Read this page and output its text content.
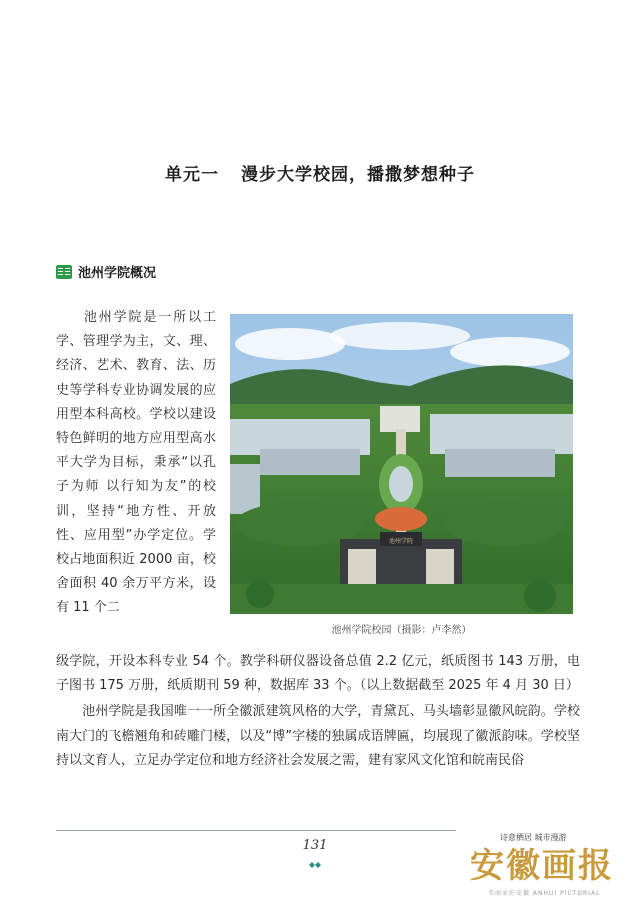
单元一 漫步大学校园，播撒梦想种子
池州学院概况
池州学院是一所以工学、管理学为主，文、理、经济、艺术、教育、法、历史等学科专业协调发展的应用型本科高校。学校以建设特色鲜明的地方应用型高水平大学为目标，秉承“以孔子为师 以行知为友”的校训，坚持“地方性、开放性、应用型”办学定位。学校占地面积近 2000 亩，校舍面积 40 余万平方米，设有 11 个二
池州学院
池州学院校园（摄影：卢李然）
级学院，开设本科专业 54 个。教学科研仪器设备总值 2.2 亿元，纸质图书 143 万册，电子图书 175 万册，纸质期刊 59 种，数据库 33 个。（以上数据截至 2025 年 4 月 30 日）
池州学院是我国唯一一所全徽派建筑风格的大学，青黛瓦、马头墙彰显徽风皖韵。学校南大门的飞檐翘角和砖雕门楼，以及“博”字楼的独属成语牌匾，均展现了徽派韵味。学校坚持以文育人，立足办学定位和地方经济社会发展之需，建有家风文化馆和皖南民俗
131
诗意栖居 城市漫游
安徽画报
美丽家好安徽 ANHUI PICTORIAL
